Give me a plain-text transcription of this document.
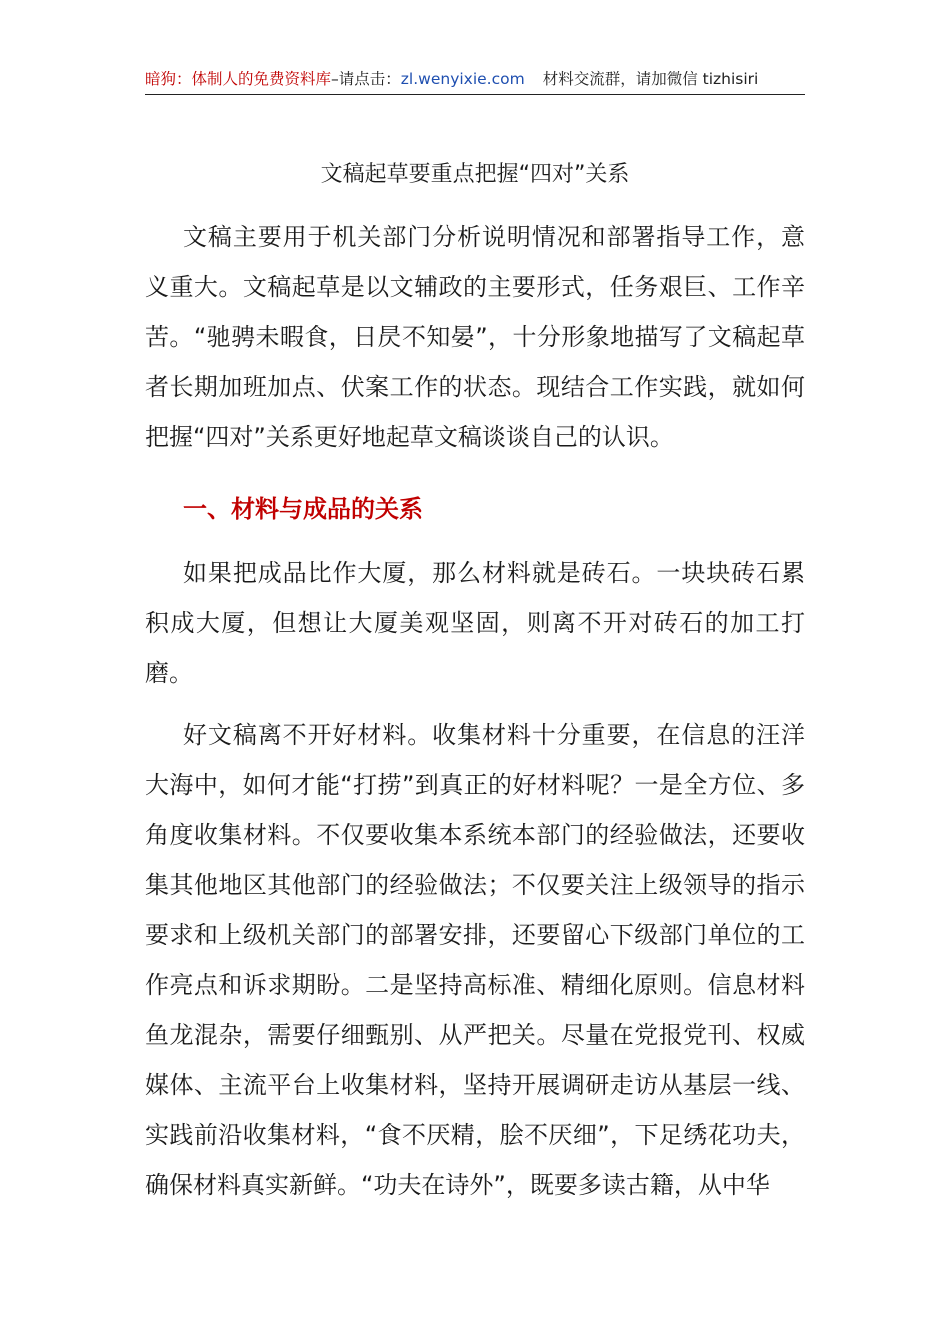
暗狗：体制人的免费资料库–请点击：zl.wenyixie.com 材料交流群，请加微信 tizhisiri
文稿起草要重点把握“四对”关系

文稿主要用于机关部门分析说明情况和部署指导工作，意义重大。文稿起草是以文辅政的主要形式，任务艰巨、工作辛苦。“驰骋未暇食，日昃不知晏”，十分形象地描写了文稿起草者长期加班加点、伏案工作的状态。现结合工作实践，就如何把握“四对”关系更好地起草文稿谈谈自己的认识。

一、材料与成品的关系

如果把成品比作大厦，那么材料就是砖石。一块块砖石累积成大厦，但想让大厦美观坚固，则离不开对砖石的加工打磨。

好文稿离不开好材料。收集材料十分重要，在信息的汪洋大海中，如何才能“打捞”到真正的好材料呢？一是全方位、多角度收集材料。不仅要收集本系统本部门的经验做法，还要收集其他地区其他部门的经验做法；不仅要关注上级领导的指示要求和上级机关部门的部署安排，还要留心下级部门单位的工作亮点和诉求期盼。二是坚持高标准、精细化原则。信息材料鱼龙混杂，需要仔细甄别、从严把关。尽量在党报党刊、权威媒体、主流平台上收集材料，坚持开展调研走访从基层一线、实践前沿收集材料，“食不厌精，脍不厌细”，下足绣花功夫，确保材料真实新鲜。“功夫在诗外”，既要多读古籍，从中华
